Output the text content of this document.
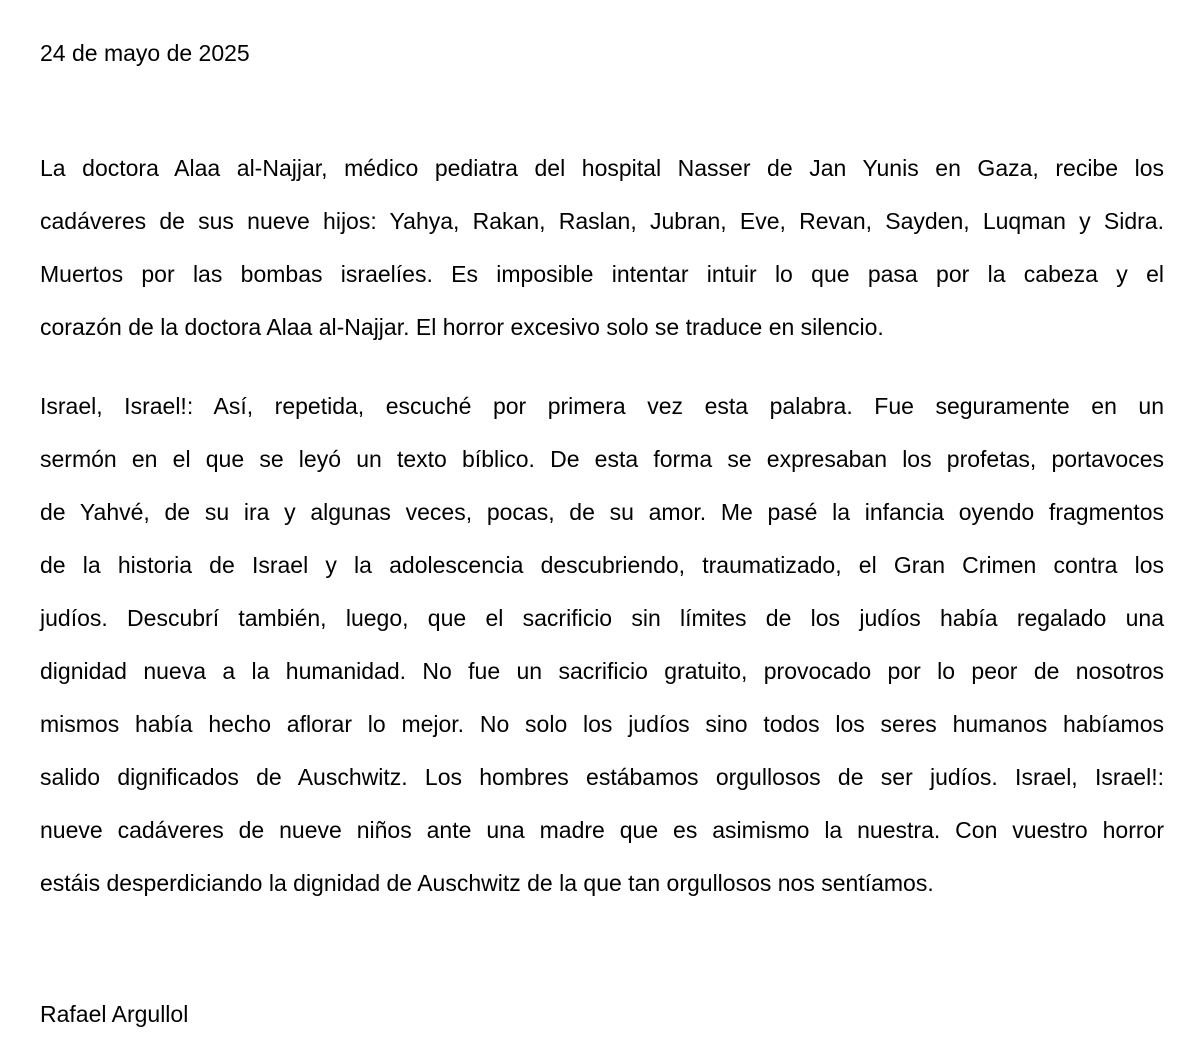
24 de mayo de 2025
La doctora Alaa al-Najjar, médico pediatra del hospital Nasser de Jan Yunis en Gaza, recibe los
cadáveres de sus nueve hijos: Yahya, Rakan, Raslan, Jubran, Eve, Revan, Sayden, Luqman y Sidra.
Muertos por las bombas israelíes. Es imposible intentar intuir lo que pasa por la cabeza y el
corazón de la doctora Alaa al-Najjar. El horror excesivo solo se traduce en silencio.
Israel, Israel!: Así, repetida, escuché por primera vez esta palabra. Fue seguramente en un
sermón en el que se leyó un texto bíblico. De esta forma se expresaban los profetas, portavoces
de Yahvé, de su ira y algunas veces, pocas, de su amor. Me pasé la infancia oyendo fragmentos
de la historia de Israel y la adolescencia descubriendo, traumatizado, el Gran Crimen contra los
judíos. Descubrí también, luego, que el sacrificio sin límites de los judíos había regalado una
dignidad nueva a la humanidad. No fue un sacrificio gratuito, provocado por lo peor de nosotros
mismos había hecho aflorar lo mejor. No solo los judíos sino todos los seres humanos habíamos
salido dignificados de Auschwitz. Los hombres estábamos orgullosos de ser judíos. Israel, Israel!:
nueve cadáveres de nueve niños ante una madre que es asimismo la nuestra. Con vuestro horror
estáis desperdiciando la dignidad de Auschwitz de la que tan orgullosos nos sentíamos.
Rafael Argullol
